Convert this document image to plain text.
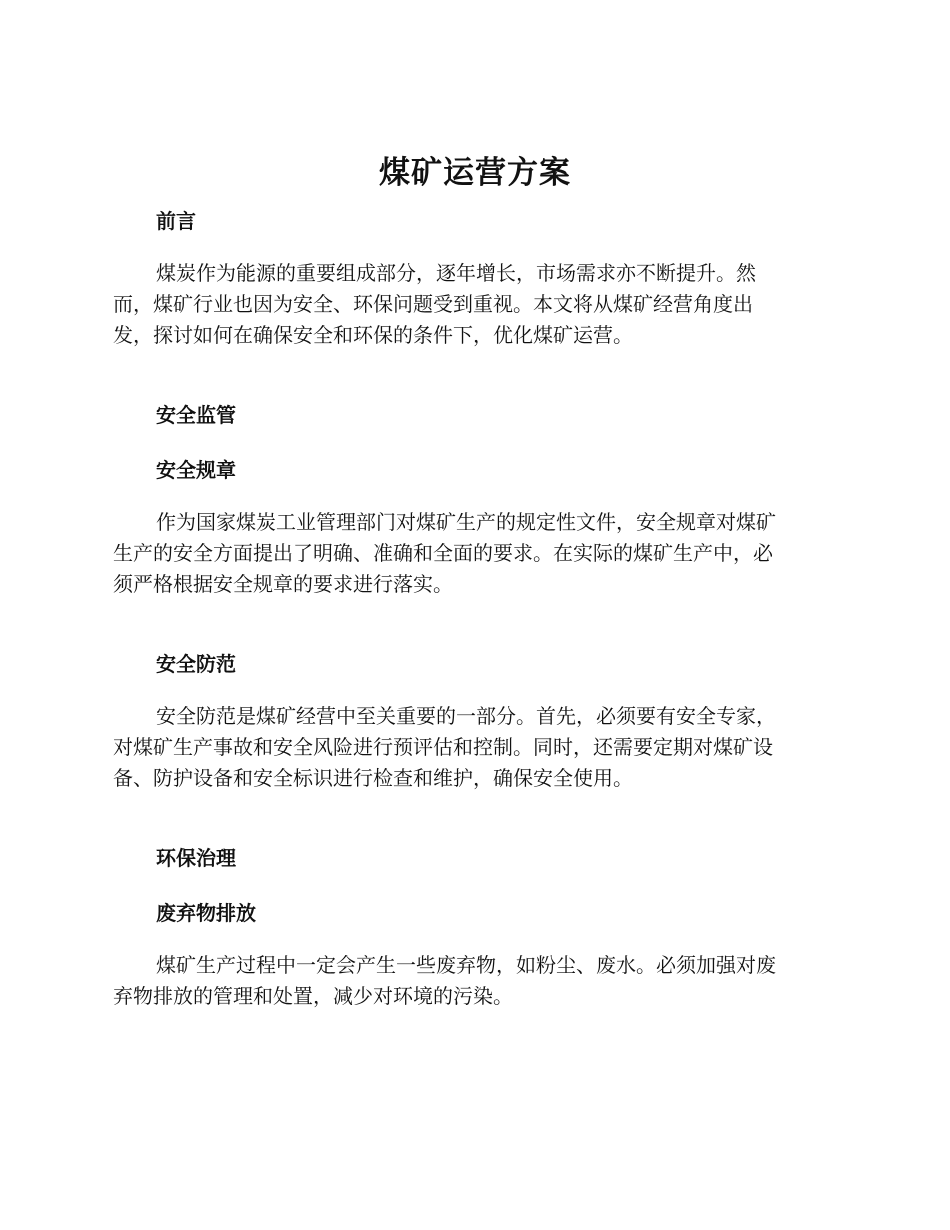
煤矿运营方案
前言
煤炭作为能源的重要组成部分，逐年增长，市场需求亦不断提升。然
而，煤矿行业也因为安全、环保问题受到重视。本文将从煤矿经营角度出
发，探讨如何在确保安全和环保的条件下，优化煤矿运营。
安全监管
安全规章
作为国家煤炭工业管理部门对煤矿生产的规定性文件，安全规章对煤矿
生产的安全方面提出了明确、准确和全面的要求。在实际的煤矿生产中，必
须严格根据安全规章的要求进行落实。
安全防范
安全防范是煤矿经营中至关重要的一部分。首先，必须要有安全专家，
对煤矿生产事故和安全风险进行预评估和控制。同时，还需要定期对煤矿设
备、防护设备和安全标识进行检查和维护，确保安全使用。
环保治理
废弃物排放
煤矿生产过程中一定会产生一些废弃物，如粉尘、废水。必须加强对废
弃物排放的管理和处置，减少对环境的污染。
